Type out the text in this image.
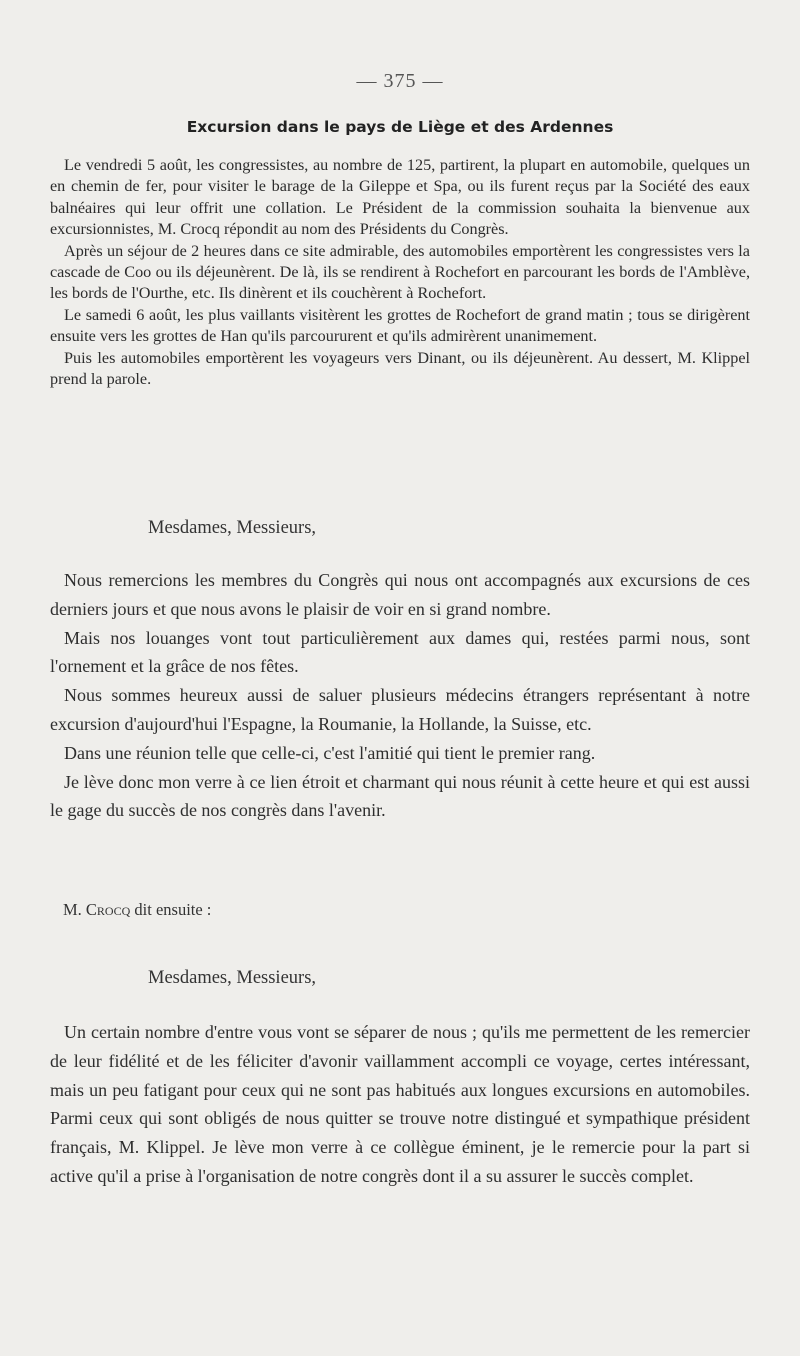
— 375 —
Excursion dans le pays de Liège et des Ardennes

Le vendredi 5 août, les congressistes, au nombre de 125, partirent, la plupart en automobile, quelques un en chemin de fer, pour visiter le barage de la Gileppe et Spa, ou ils furent reçus par la Société des eaux balnéaires qui leur offrit une collation. Le Président de la commission souhaita la bienvenue aux excursionnistes, M. Crocq répondit au nom des Présidents du Congrès.

Après un séjour de 2 heures dans ce site admirable, des automobiles emportèrent les congressistes vers la cascade de Coo ou ils déjeunèrent. De là, ils se rendirent à Rochefort en parcourant les bords de l'Amblève, les bords de l'Ourthe, etc. Ils dinèrent et ils couchèrent à Rochefort.

Le samedi 6 août, les plus vaillants visitèrent les grottes de Rochefort de grand matin ; tous se dirigèrent ensuite vers les grottes de Han qu'ils parcoururent et qu'ils admirèrent unanimement.

Puis les automobiles emportèrent les voyageurs vers Dinant, ou ils déjeunèrent. Au dessert, M. Klippel prend la parole.

Mesdames, Messieurs,

Nous remercions les membres du Congrès qui nous ont accompagnés aux excursions de ces derniers jours et que nous avons le plaisir de voir en si grand nombre.

Mais nos louanges vont tout particulièrement aux dames qui, restées parmi nous, sont l'ornement et la grâce de nos fêtes.

Nous sommes heureux aussi de saluer plusieurs médecins étrangers représentant à notre excursion d'aujourd'hui l'Espagne, la Roumanie, la Hollande, la Suisse, etc.

Dans une réunion telle que celle-ci, c'est l'amitié qui tient le premier rang.

Je lève donc mon verre à ce lien étroit et charmant qui nous réunit à cette heure et qui est aussi le gage du succès de nos congrès dans l'avenir.

M. Crocq dit ensuite :
Mesdames, Messieurs,

Un certain nombre d'entre vous vont se séparer de nous ; qu'ils me permettent de les remercier de leur fidélité et de les féliciter d'avonir vaillamment accompli ce voyage, certes intéressant, mais un peu fatigant pour ceux qui ne sont pas habitués aux longues excursions en automobiles. Parmi ceux qui sont obligés de nous quitter se trouve notre distingué et sympathique président français, M. Klippel. Je lève mon verre à ce collègue éminent, je le remercie pour la part si active qu'il a prise à l'organisation de notre congrès dont il a su assurer le succès complet.
